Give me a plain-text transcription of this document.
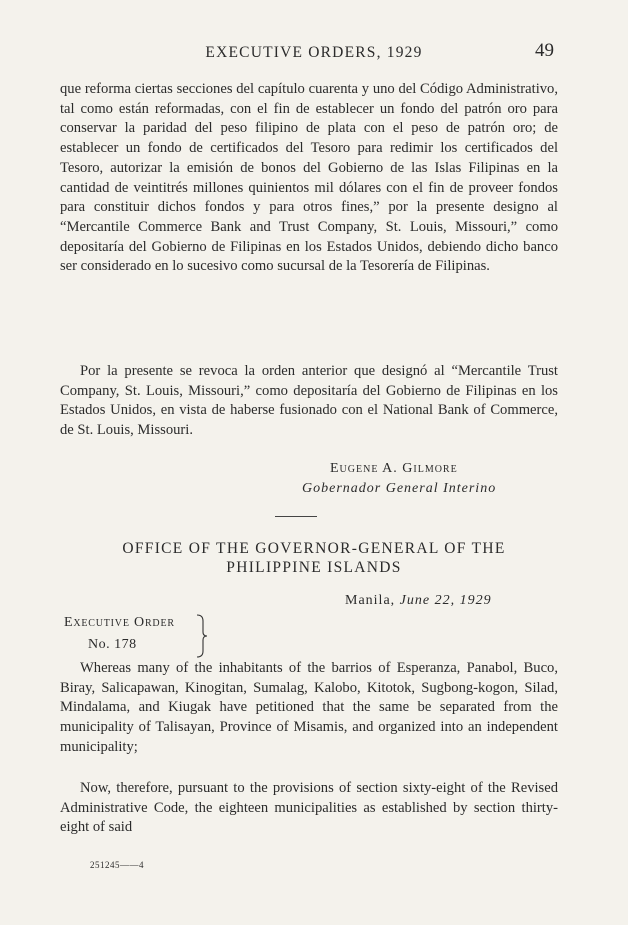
EXECUTIVE ORDERS, 1929	49

que reforma ciertas secciones del capítulo cuarenta y uno del Código Administrativo, tal como están reformadas, con el fin de establecer un fondo del patrón oro para conservar la paridad del peso filipino de plata con el peso de patrón oro; de establecer un fondo de certificados del Tesoro para redimir los certificados del Tesoro, autorizar la emisión de bonos del Gobierno de las Islas Filipinas en la cantidad de veintitrés millones quinientos mil dólares con el fin de proveer fondos para constituir dichos fondos y para otros fines,” por la presente designo al “Mercantile Commerce Bank and Trust Company, St. Louis, Missouri,” como depositaría del Gobierno de Filipinas en los Estados Unidos, debiendo dicho banco ser considerado en lo sucesivo como sucursal de la Tesorería de Filipinas.

Por la presente se revoca la orden anterior que designó al “Mercantile Trust Company, St. Louis, Missouri,” como depositaría del Gobierno de Filipinas en los Estados Unidos, en vista de haberse fusionado con el National Bank of Commerce, de St. Louis, Missouri.

Eugene A. Gilmore
Gobernador General Interino
OFFICE OF THE GOVERNOR-GENERAL OF THE
PHILIPPINE ISLANDS
Manila, June 22, 1929
Executive Order
No. 178

Whereas many of the inhabitants of the barrios of Esperanza, Panabol, Buco, Biray, Salicapawan, Kinogitan, Sumalag, Kalobo, Kitotok, Sugbong-kogon, Silad, Mindalama, and Kiugak have petitioned that the same be separated from the municipality of Talisayan, Province of Misamis, and organized into an independent municipality;

Now, therefore, pursuant to the provisions of section sixty-eight of the Revised Administrative Code, the eighteen municipalities as established by section thirty-eight of said

251245——4
